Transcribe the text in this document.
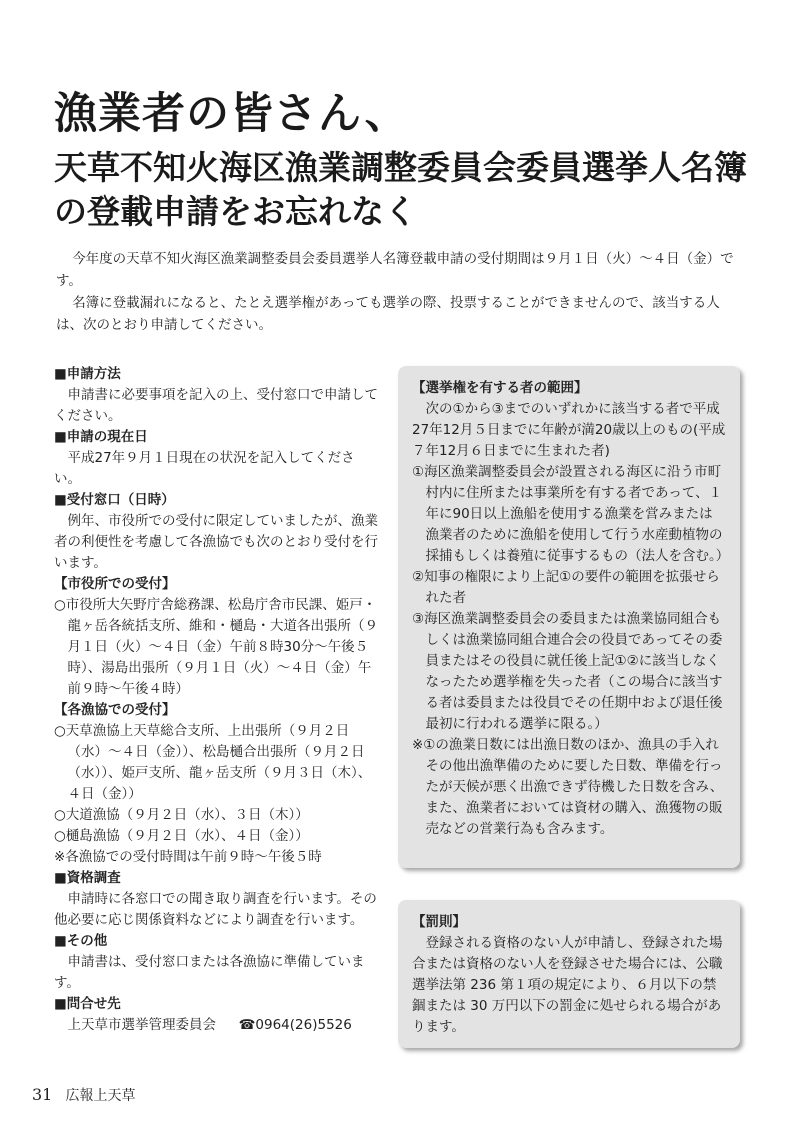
漁業者の皆さん、
天草不知火海区漁業調整委員会委員選挙人名簿の登載申請をお忘れなく

今年度の天草不知火海区漁業調整委員会委員選挙人名簿登載申請の受付期間は９月１日（火）～４日（金）です。

名簿に登載漏れになると、たとえ選挙権があっても選挙の際、投票することができませんので、該当する人は、次のとおり申請してください。

■申請方法
申請書に必要事項を記入の上、受付窓口で申請してください。
■申請の現在日
平成27年９月１日現在の状況を記入してください。
■受付窓口（日時）
例年、市役所での受付に限定していましたが、漁業者の利便性を考慮して各漁協でも次のとおり受付を行います。
【市役所での受付】
○市役所大矢野庁舎総務課、松島庁舎市民課、姫戸・龍ヶ岳各統括支所、維和・樋島・大道各出張所（９月１日（火）～４日（金）午前８時30分～午後５時）、湯島出張所（９月１日（火）～４日（金）午前９時～午後４時）
【各漁協での受付】
○天草漁協上天草総合支所、上出張所（９月２日（水）～４日（金））、松島樋合出張所（９月２日（水））、姫戸支所、龍ヶ岳支所（９月３日（木）、４日（金））
○大道漁協（９月２日（水）、３日（木））
○樋島漁協（９月２日（水）、４日（金））
※各漁協での受付時間は午前９時～午後５時
■資格調査
申請時に各窓口での聞き取り調査を行います。その他必要に応じ関係資料などにより調査を行います。
■その他
申請書は、受付窓口または各漁協に準備しています。
■問合せ先
上天草市選挙管理委員会 ☎0964(26)5526
【選挙権を有する者の範囲】
次の①から③までのいずれかに該当する者で平成27年12月５日までに年齢が満20歳以上のもの(平成７年12月６日までに生まれた者)
①海区漁業調整委員会が設置される海区に沿う市町村内に住所または事業所を有する者であって、１年に90日以上漁船を使用する漁業を営みまたは漁業者のために漁船を使用して行う水産動植物の採捕もしくは養殖に従事するもの（法人を含む。）
②知事の権限により上記①の要件の範囲を拡張せられた者
③海区漁業調整委員会の委員または漁業協同組合もしくは漁業協同組合連合会の役員であってその委員またはその役員に就任後上記①②に該当しなくなったため選挙権を失った者（この場合に該当する者は委員または役員でその任期中および退任後最初に行われる選挙に限る。）
※①の漁業日数には出漁日数のほか、漁具の手入れその他出漁準備のために要した日数、準備を行ったが天候が悪く出漁できず待機した日数を含み、また、漁業者においては資材の購入、漁獲物の販売などの営業行為も含みます。
【罰則】
登録される資格のない人が申請し、登録された場合または資格のない人を登録させた場合には、公職選挙法第 236 第１項の規定により、６月以下の禁錮または 30 万円以下の罰金に処せられる場合があります。
31 広報上天草
